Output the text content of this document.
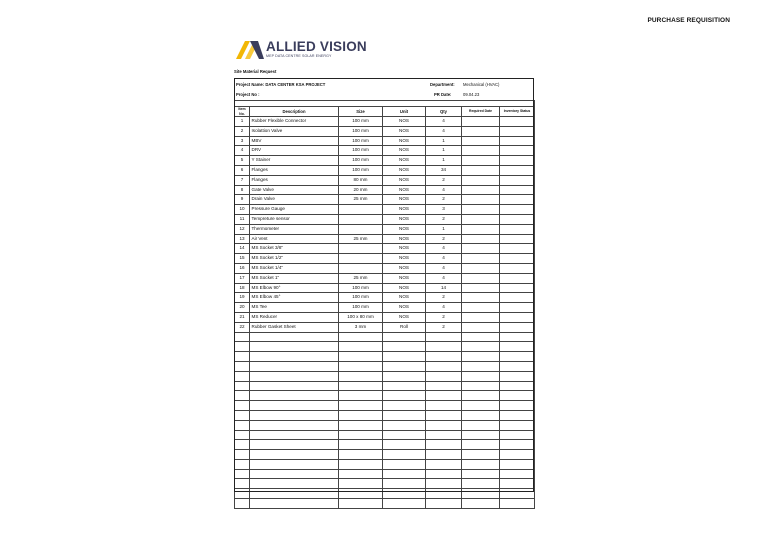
PURCHASE REQUISITION
ALLIED VISION
MEP DATA CENTRE SOLAR ENERGY
Site Material Request
Project Name: DATA CENTER KSA PROJECT
Project No :
Department: Mechanical (HVAC)
PR Date:	09.04.23

Item No.	Description	Size	Unit	Qty	Required Date	Inventory Status
1	Rubber Flexible Connector	100 mm	NOS	4		
2	Isolattion Valve	100 mm	NOS	4		
3	MBV	100 mm	NOS	1		
4	DRV	100 mm	NOS	1		
5	Y Stainer	100 mm	NOS	1		
6	Flanges	100 mm	NOS	34		
7	Flanges	80 mm	NOS	2		
8	Gate Valve	20 mm	NOS	4		
9	Drain Valve	25 mm	NOS	2		
10	Pressure Gauge		NOS	3		
11	Tempreture sensor		NOS	2		
12	Thermometer		NOS	1		
13	Air Vent	25 mm	NOS	2		
14	MS Socket 3/8"		NOS	4		
15	MS Socket 1/2"		NOS	4		
16	MS Socket 1/4"		NOS	4		
17	MS Socket 1"	25 mm	NOS	4		
18	MS Elbow 90°	100 mm	NOS	14		
19	MS Elbow 45°	100 mm	NOS	2		
20	MS Tee	100 mm	NOS	4		
21	MS Reducer	100 x 80 mm	NOS	2		
22	Rubber Gasket Sheet	3 mm	Roll	2		
